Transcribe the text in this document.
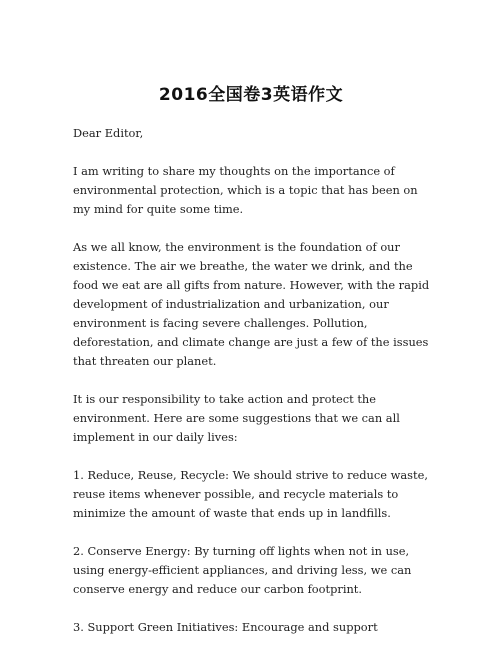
2016全国卷3英语作文

Dear Editor,

I am writing to share my thoughts on the importance of environmental protection, which is a topic that has been on my mind for quite some time.

As we all know, the environment is the foundation of our existence. The air we breathe, the water we drink, and the food we eat are all gifts from nature. However, with the rapid development of industrialization and urbanization, our environment is facing severe challenges. Pollution, deforestation, and climate change are just a few of the issues that threaten our planet.

It is our responsibility to take action and protect the environment. Here are some suggestions that we can all implement in our daily lives:

1. Reduce, Reuse, Recycle: We should strive to reduce waste, reuse items whenever possible, and recycle materials to minimize the amount of waste that ends up in landfills.

2. Conserve Energy: By turning off lights when not in use, using energy-efficient appliances, and driving less, we can conserve energy and reduce our carbon footprint.

3. Support Green Initiatives: Encourage and support
